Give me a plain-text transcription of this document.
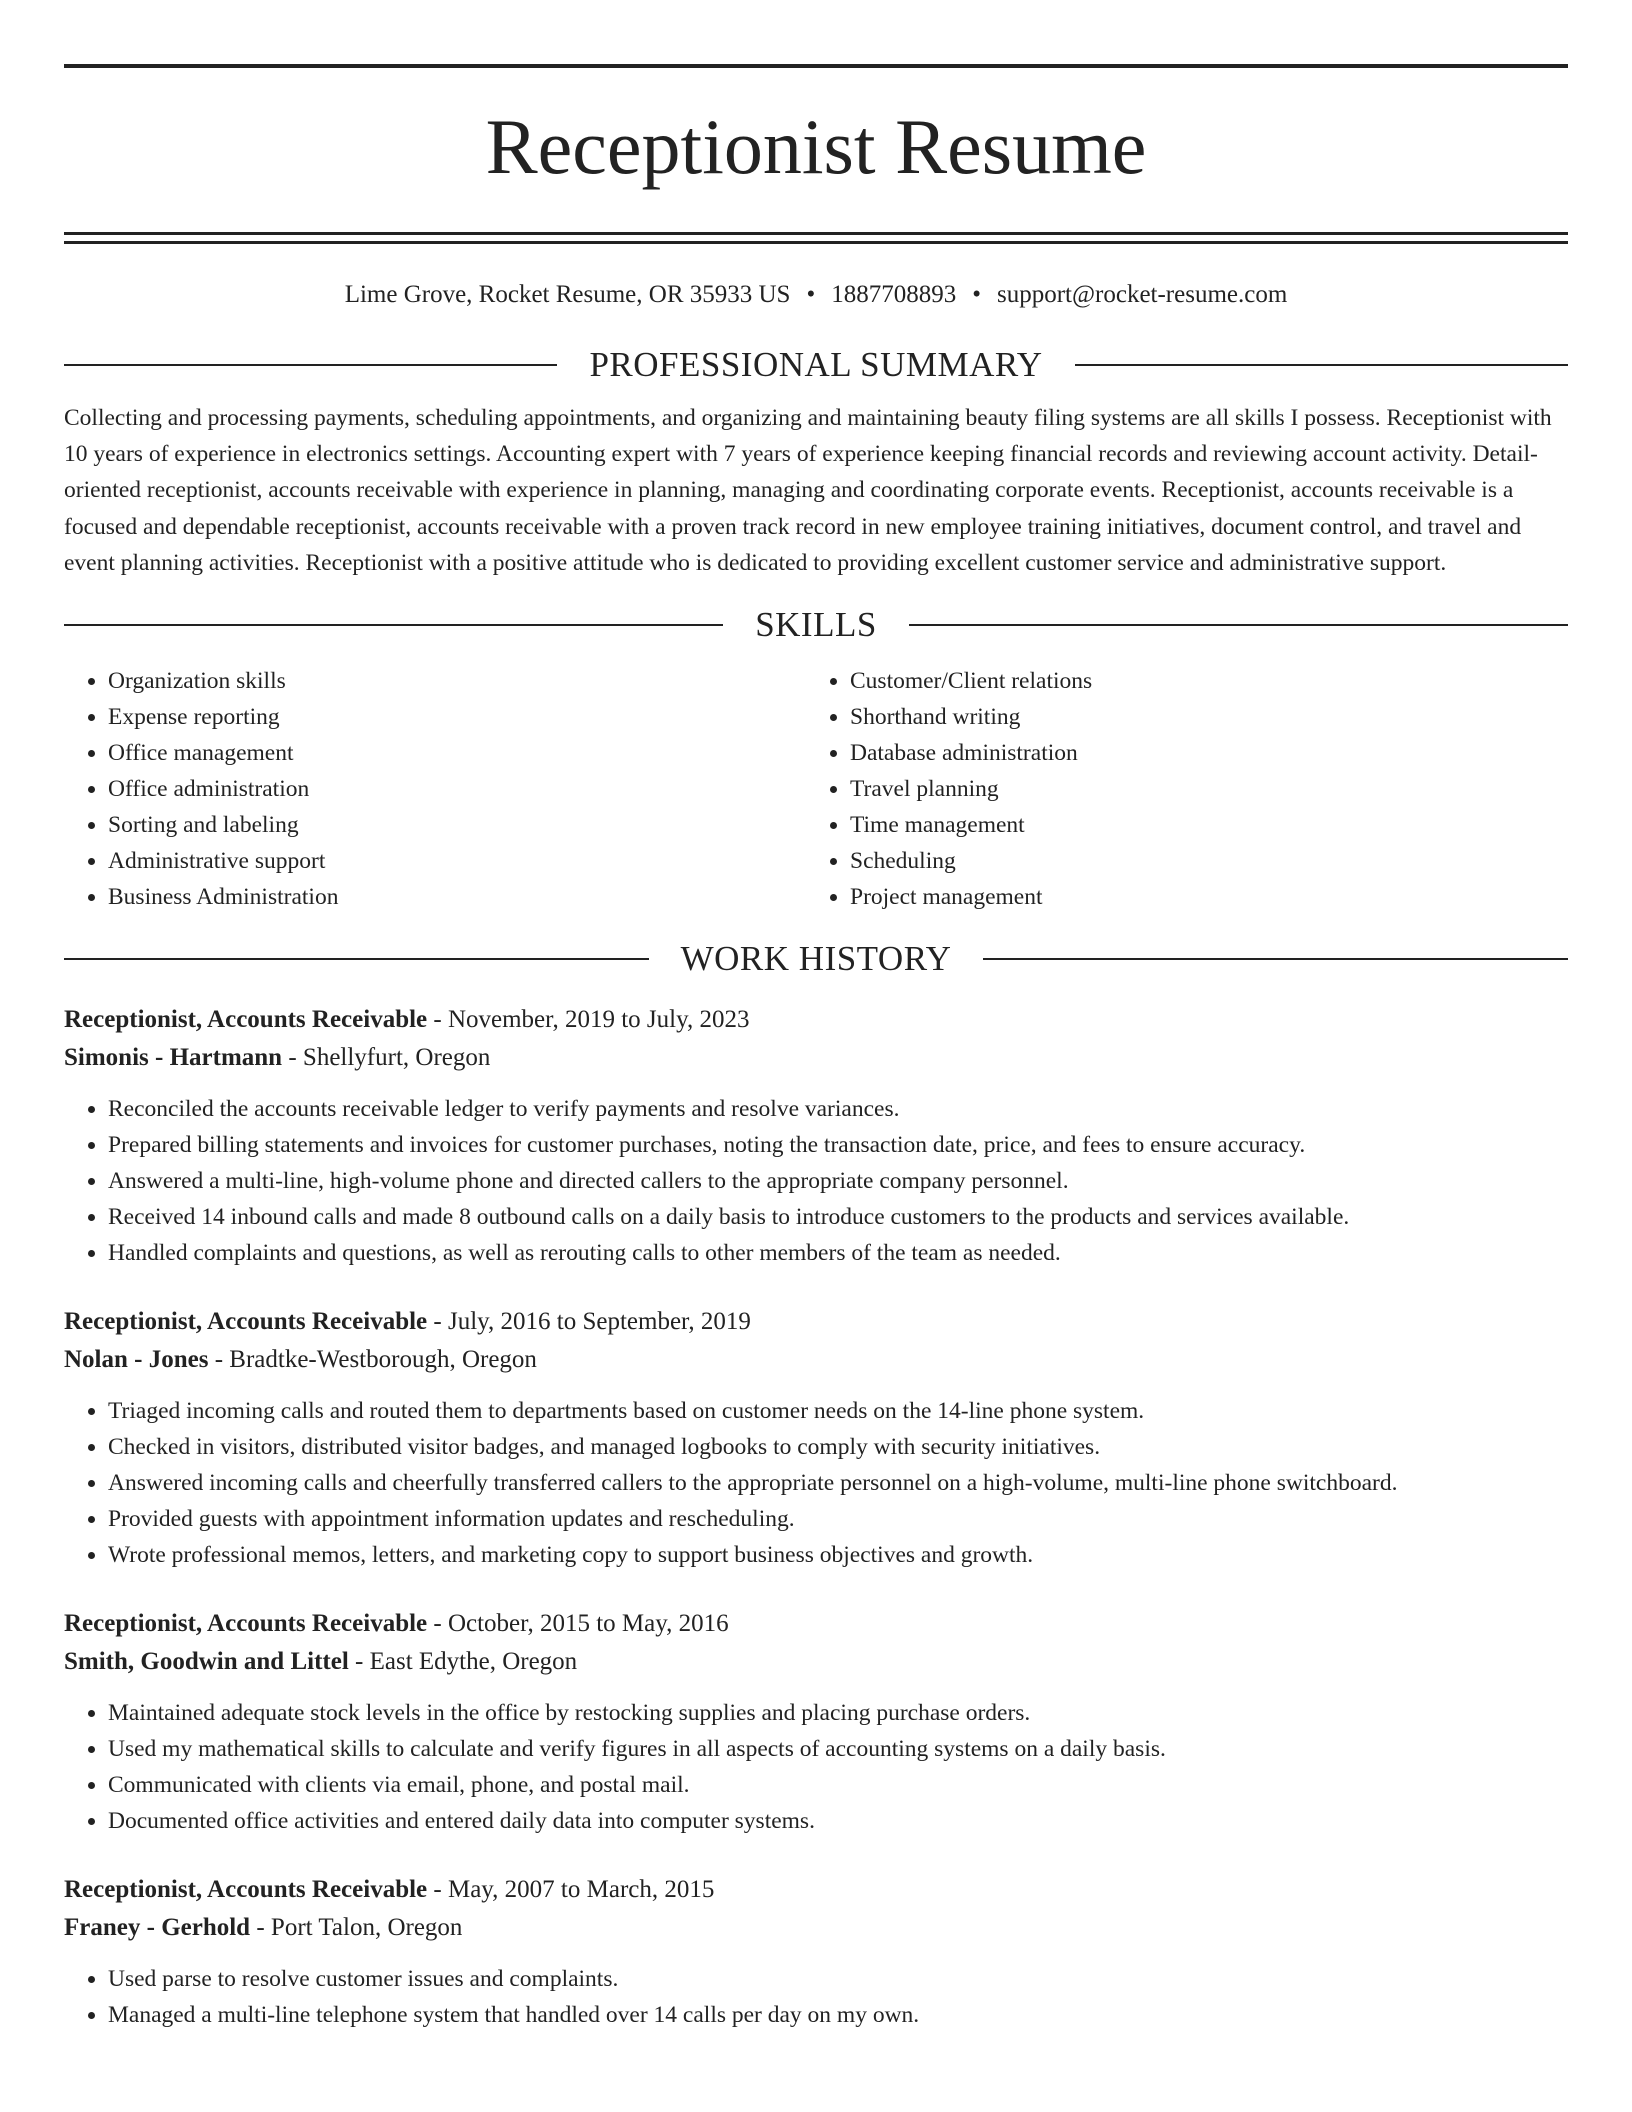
Receptionist Resume
Lime Grove, Rocket Resume, OR 35933 US • 1887708893 • support@rocket-resume.com
PROFESSIONAL SUMMARY
Collecting and processing payments, scheduling appointments, and organizing and maintaining beauty filing systems are all skills I possess. Receptionist with 10 years of experience in electronics settings. Accounting expert with 7 years of experience keeping financial records and reviewing account activity. Detail-oriented receptionist, accounts receivable with experience in planning, managing and coordinating corporate events. Receptionist, accounts receivable is a focused and dependable receptionist, accounts receivable with a proven track record in new employee training initiatives, document control, and travel and event planning activities. Receptionist with a positive attitude who is dedicated to providing excellent customer service and administrative support.
SKILLS
• Organization skills
• Expense reporting
• Office management
• Office administration
• Sorting and labeling
• Administrative support
• Business Administration
• Customer/Client relations
• Shorthand writing
• Database administration
• Travel planning
• Time management
• Scheduling
• Project management
WORK HISTORY
Receptionist, Accounts Receivable - November, 2019 to July, 2023
Simonis - Hartmann - Shellyfurt, Oregon
• Reconciled the accounts receivable ledger to verify payments and resolve variances.
• Prepared billing statements and invoices for customer purchases, noting the transaction date, price, and fees to ensure accuracy.
• Answered a multi-line, high-volume phone and directed callers to the appropriate company personnel.
• Received 14 inbound calls and made 8 outbound calls on a daily basis to introduce customers to the products and services available.
• Handled complaints and questions, as well as rerouting calls to other members of the team as needed.
Receptionist, Accounts Receivable - July, 2016 to September, 2019
Nolan - Jones - Bradtke-Westborough, Oregon
• Triaged incoming calls and routed them to departments based on customer needs on the 14-line phone system.
• Checked in visitors, distributed visitor badges, and managed logbooks to comply with security initiatives.
• Answered incoming calls and cheerfully transferred callers to the appropriate personnel on a high-volume, multi-line phone switchboard.
• Provided guests with appointment information updates and rescheduling.
• Wrote professional memos, letters, and marketing copy to support business objectives and growth.
Receptionist, Accounts Receivable - October, 2015 to May, 2016
Smith, Goodwin and Littel - East Edythe, Oregon
• Maintained adequate stock levels in the office by restocking supplies and placing purchase orders.
• Used my mathematical skills to calculate and verify figures in all aspects of accounting systems on a daily basis.
• Communicated with clients via email, phone, and postal mail.
• Documented office activities and entered daily data into computer systems.
Receptionist, Accounts Receivable - May, 2007 to March, 2015
Franey - Gerhold - Port Talon, Oregon
• Used parse to resolve customer issues and complaints.
• Managed a multi-line telephone system that handled over 14 calls per day on my own.
